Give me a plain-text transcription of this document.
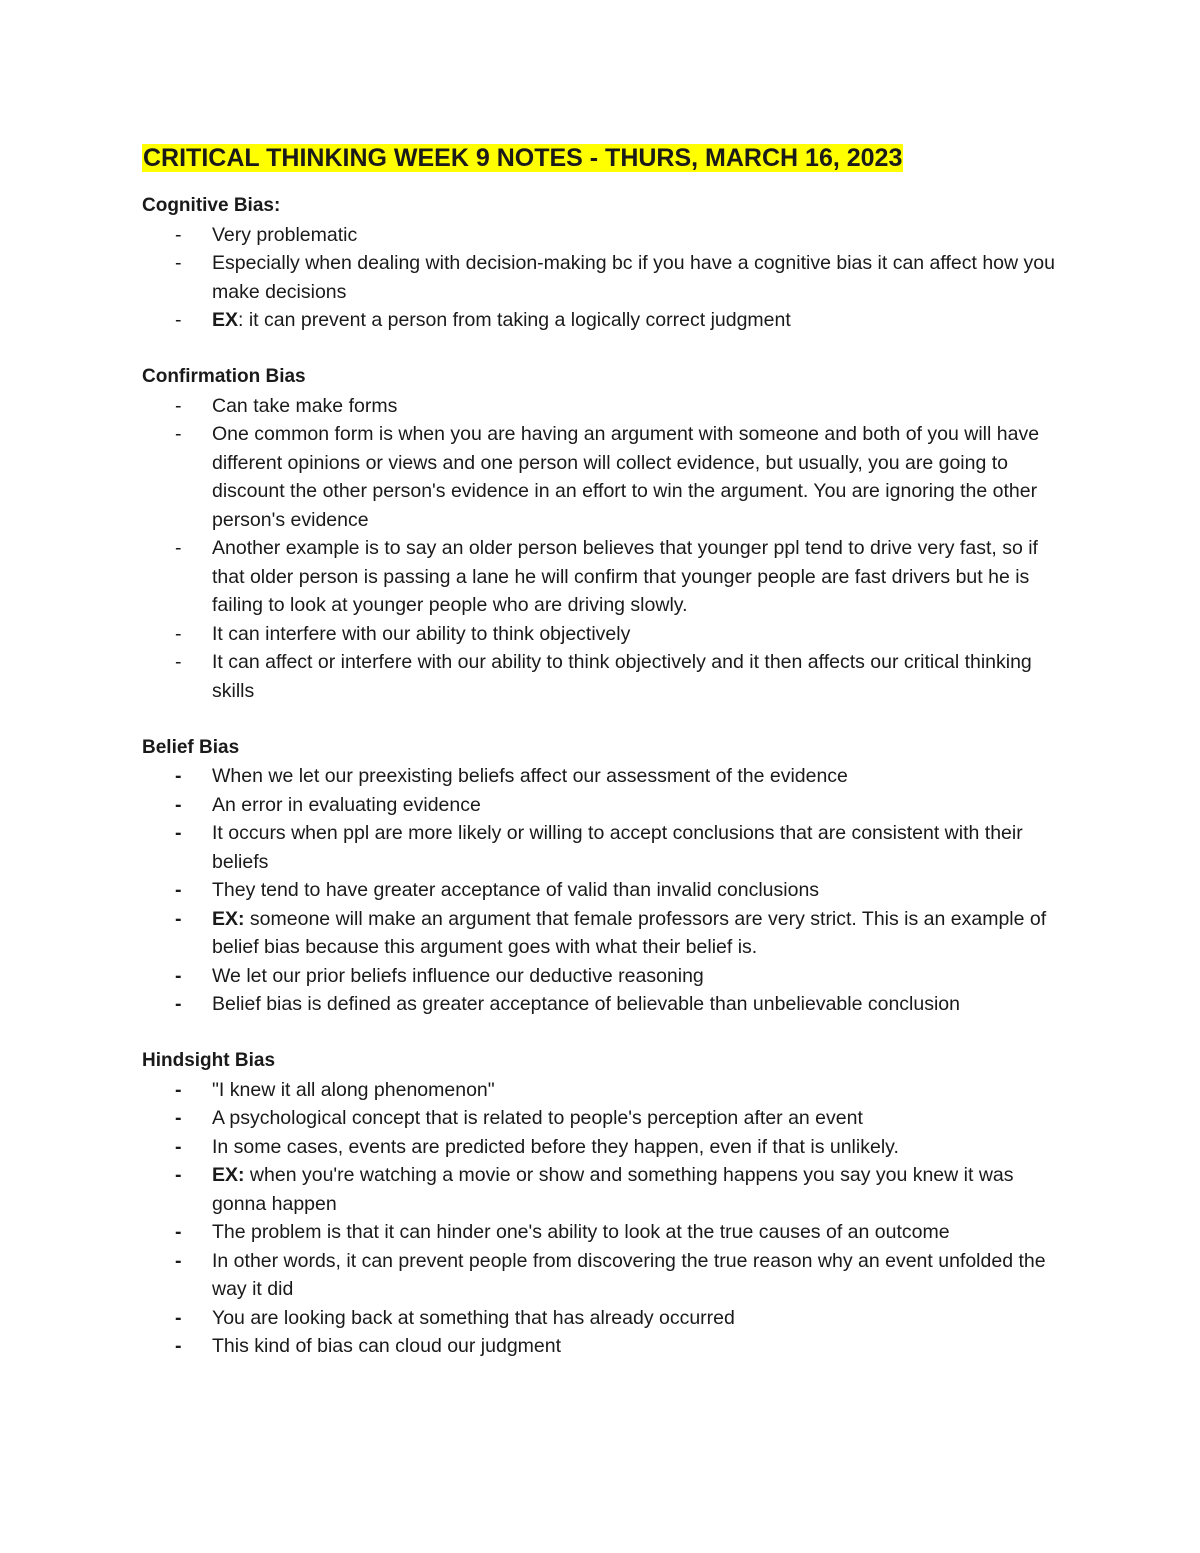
CRITICAL THINKING WEEK 9 NOTES - THURS, MARCH 16, 2023
Cognitive Bias:
- Very problematic
- Especially when dealing with decision-making bc if you have a cognitive bias it can affect how you make decisions
- EX: it can prevent a person from taking a logically correct judgment
Confirmation Bias
- Can take make forms
- One common form is when you are having an argument with someone and both of you will have different opinions or views and one person will collect evidence, but usually, you are going to discount the other person's evidence in an effort to win the argument. You are ignoring the other person's evidence
- Another example is to say an older person believes that younger ppl tend to drive very fast, so if that older person is passing a lane he will confirm that younger people are fast drivers but he is failing to look at younger people who are driving slowly.
- It can interfere with our ability to think objectively
- It can affect or interfere with our ability to think objectively and it then affects our critical thinking skills
Belief Bias
- When we let our preexisting beliefs affect our assessment of the evidence
- An error in evaluating evidence
- It occurs when ppl are more likely or willing to accept conclusions that are consistent with their beliefs
- They tend to have greater acceptance of valid than invalid conclusions
- EX: someone will make an argument that female professors are very strict. This is an example of belief bias because this argument goes with what their belief is.
- We let our prior beliefs influence our deductive reasoning
- Belief bias is defined as greater acceptance of believable than unbelievable conclusion
Hindsight Bias
- "I knew it all along phenomenon"
- A psychological concept that is related to people's perception after an event
- In some cases, events are predicted before they happen, even if that is unlikely.
- EX: when you're watching a movie or show and something happens you say you knew it was gonna happen
- The problem is that it can hinder one's ability to look at the true causes of an outcome
- In other words, it can prevent people from discovering the true reason why an event unfolded the way it did
- You are looking back at something that has already occurred
- This kind of bias can cloud our judgment
